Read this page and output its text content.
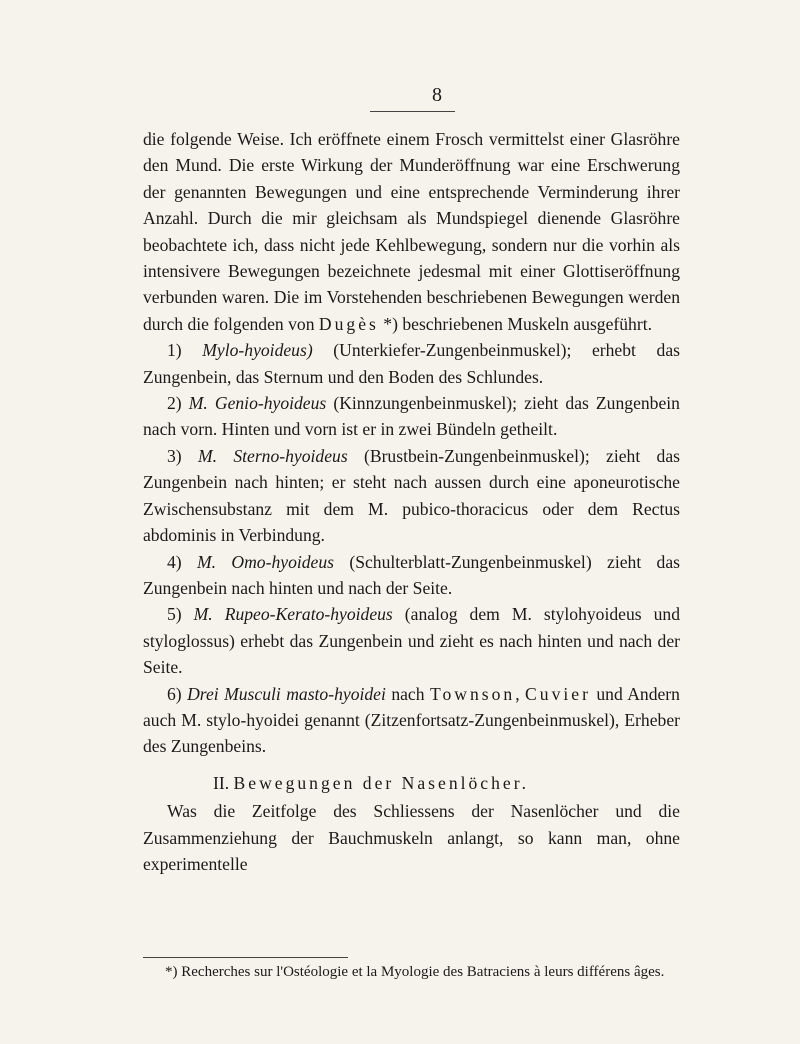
8

die folgende Weise. Ich eröffnete einem Frosch vermittelst einer Glasröhre den Mund. Die erste Wirkung der Munderöffnung war eine Erschwerung der genannten Bewegungen und eine entsprechende Verminderung ihrer Anzahl. Durch die mir gleichsam als Mundspiegel dienende Glasröhre beobachtete ich, dass nicht jede Kehlbewegung, sondern nur die vorhin als intensivere Bewegungen bezeichnete jedesmal mit einer Glottiseröffnung verbunden waren. Die im Vorstehenden beschriebenen Bewegungen werden durch die folgenden von Dugès *) beschriebenen Muskeln ausgeführt.

1) Mylo-hyoideus) (Unterkiefer-Zungenbeinmuskel); erhebt das Zungenbein, das Sternum und den Boden des Schlundes.

2) M. Genio-hyoideus (Kinnzungenbeinmuskel); zieht das Zungenbein nach vorn. Hinten und vorn ist er in zwei Bündeln getheilt.

3) M. Sterno-hyoideus (Brustbein-Zungenbeinmuskel); zieht das Zungenbein nach hinten; er steht nach aussen durch eine aponeurotische Zwischensubstanz mit dem M. pubico-thoracicus oder dem Rectus abdominis in Verbindung.

4) M. Omo-hyoideus (Schulterblatt-Zungenbeinmuskel) zieht das Zungenbein nach hinten und nach der Seite.

5) M. Rupeo-Kerato-hyoideus (analog dem M. stylohyoideus und styloglossus) erhebt das Zungenbein und zieht es nach hinten und nach der Seite.

6) Drei Musculi masto-hyoidei nach Townson, Cuvier und Andern auch M. stylo-hyoidei genannt (Zitzenfortsatz-Zungenbeinmuskel), Erheber des Zungenbeins.

II. Bewegungen der Nasenlöcher.

Was die Zeitfolge des Schliessens der Nasenlöcher und die Zusammenziehung der Bauchmuskeln anlangt, so kann man, ohne experimentelle

*) Recherches sur l'Ostéologie et la Myologie des Batraciens à leurs différens âges.
